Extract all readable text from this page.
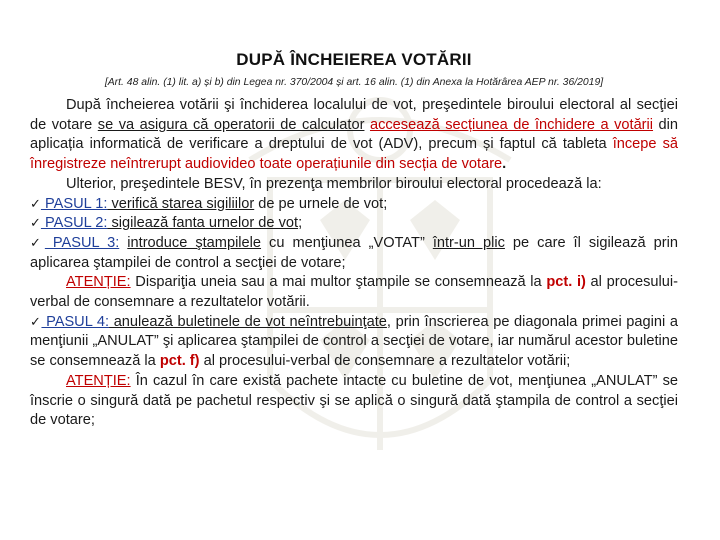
DUPĂ ÎNCHEIEREA VOTĂRII
[Art. 48 alin. (1) lit. a) și b) din Legea nr. 370/2004 și art. 16 alin. (1) din Anexa la Hotărârea AEP nr. 36/2019]

După încheierea votării şi închiderea localului de vot, preşedintele biroului electoral al secţiei de votare se va asigura că operatorii de calculator accesează secțiunea de închidere a votării din aplicația informatică de verificare a dreptului de vot (ADV), precum și faptul că tableta începe să înregistreze neîntrerupt audiovideo toate operațiunile din secția de votare.

Ulterior, preşedintele BESV, în prezenţa membrilor biroului electoral procedează la:

✓ PASUL 1: verifică starea sigiliilor de pe urnele de vot;

✓ PASUL 2: sigilează fanta urnelor de vot;

✓ PASUL 3: introduce ştampilele cu menţiunea „VOTAT” într-un plic pe care îl sigilează prin aplicarea ştampilei de control a secţiei de votare;

ATENȚIE: Dispariţia uneia sau a mai multor ştampile se consemnează la pct. i) al procesului-verbal de consemnare a rezultatelor votării.

✓ PASUL 4: anulează buletinele de vot neîntrebuinţate, prin înscrierea pe diagonala primei pagini a menţiunii „ANULAT” şi aplicarea ştampilei de control a secţiei de votare, iar numărul acestor buletine se consemnează la pct. f) al procesului-verbal de consemnare a rezultatelor votării;

ATENȚIE: În cazul în care există pachete intacte cu buletine de vot, menţiunea „ANULAT” se înscrie o singură dată pe pachetul respectiv şi se aplică o singură dată ştampila de control a secţiei de votare;
